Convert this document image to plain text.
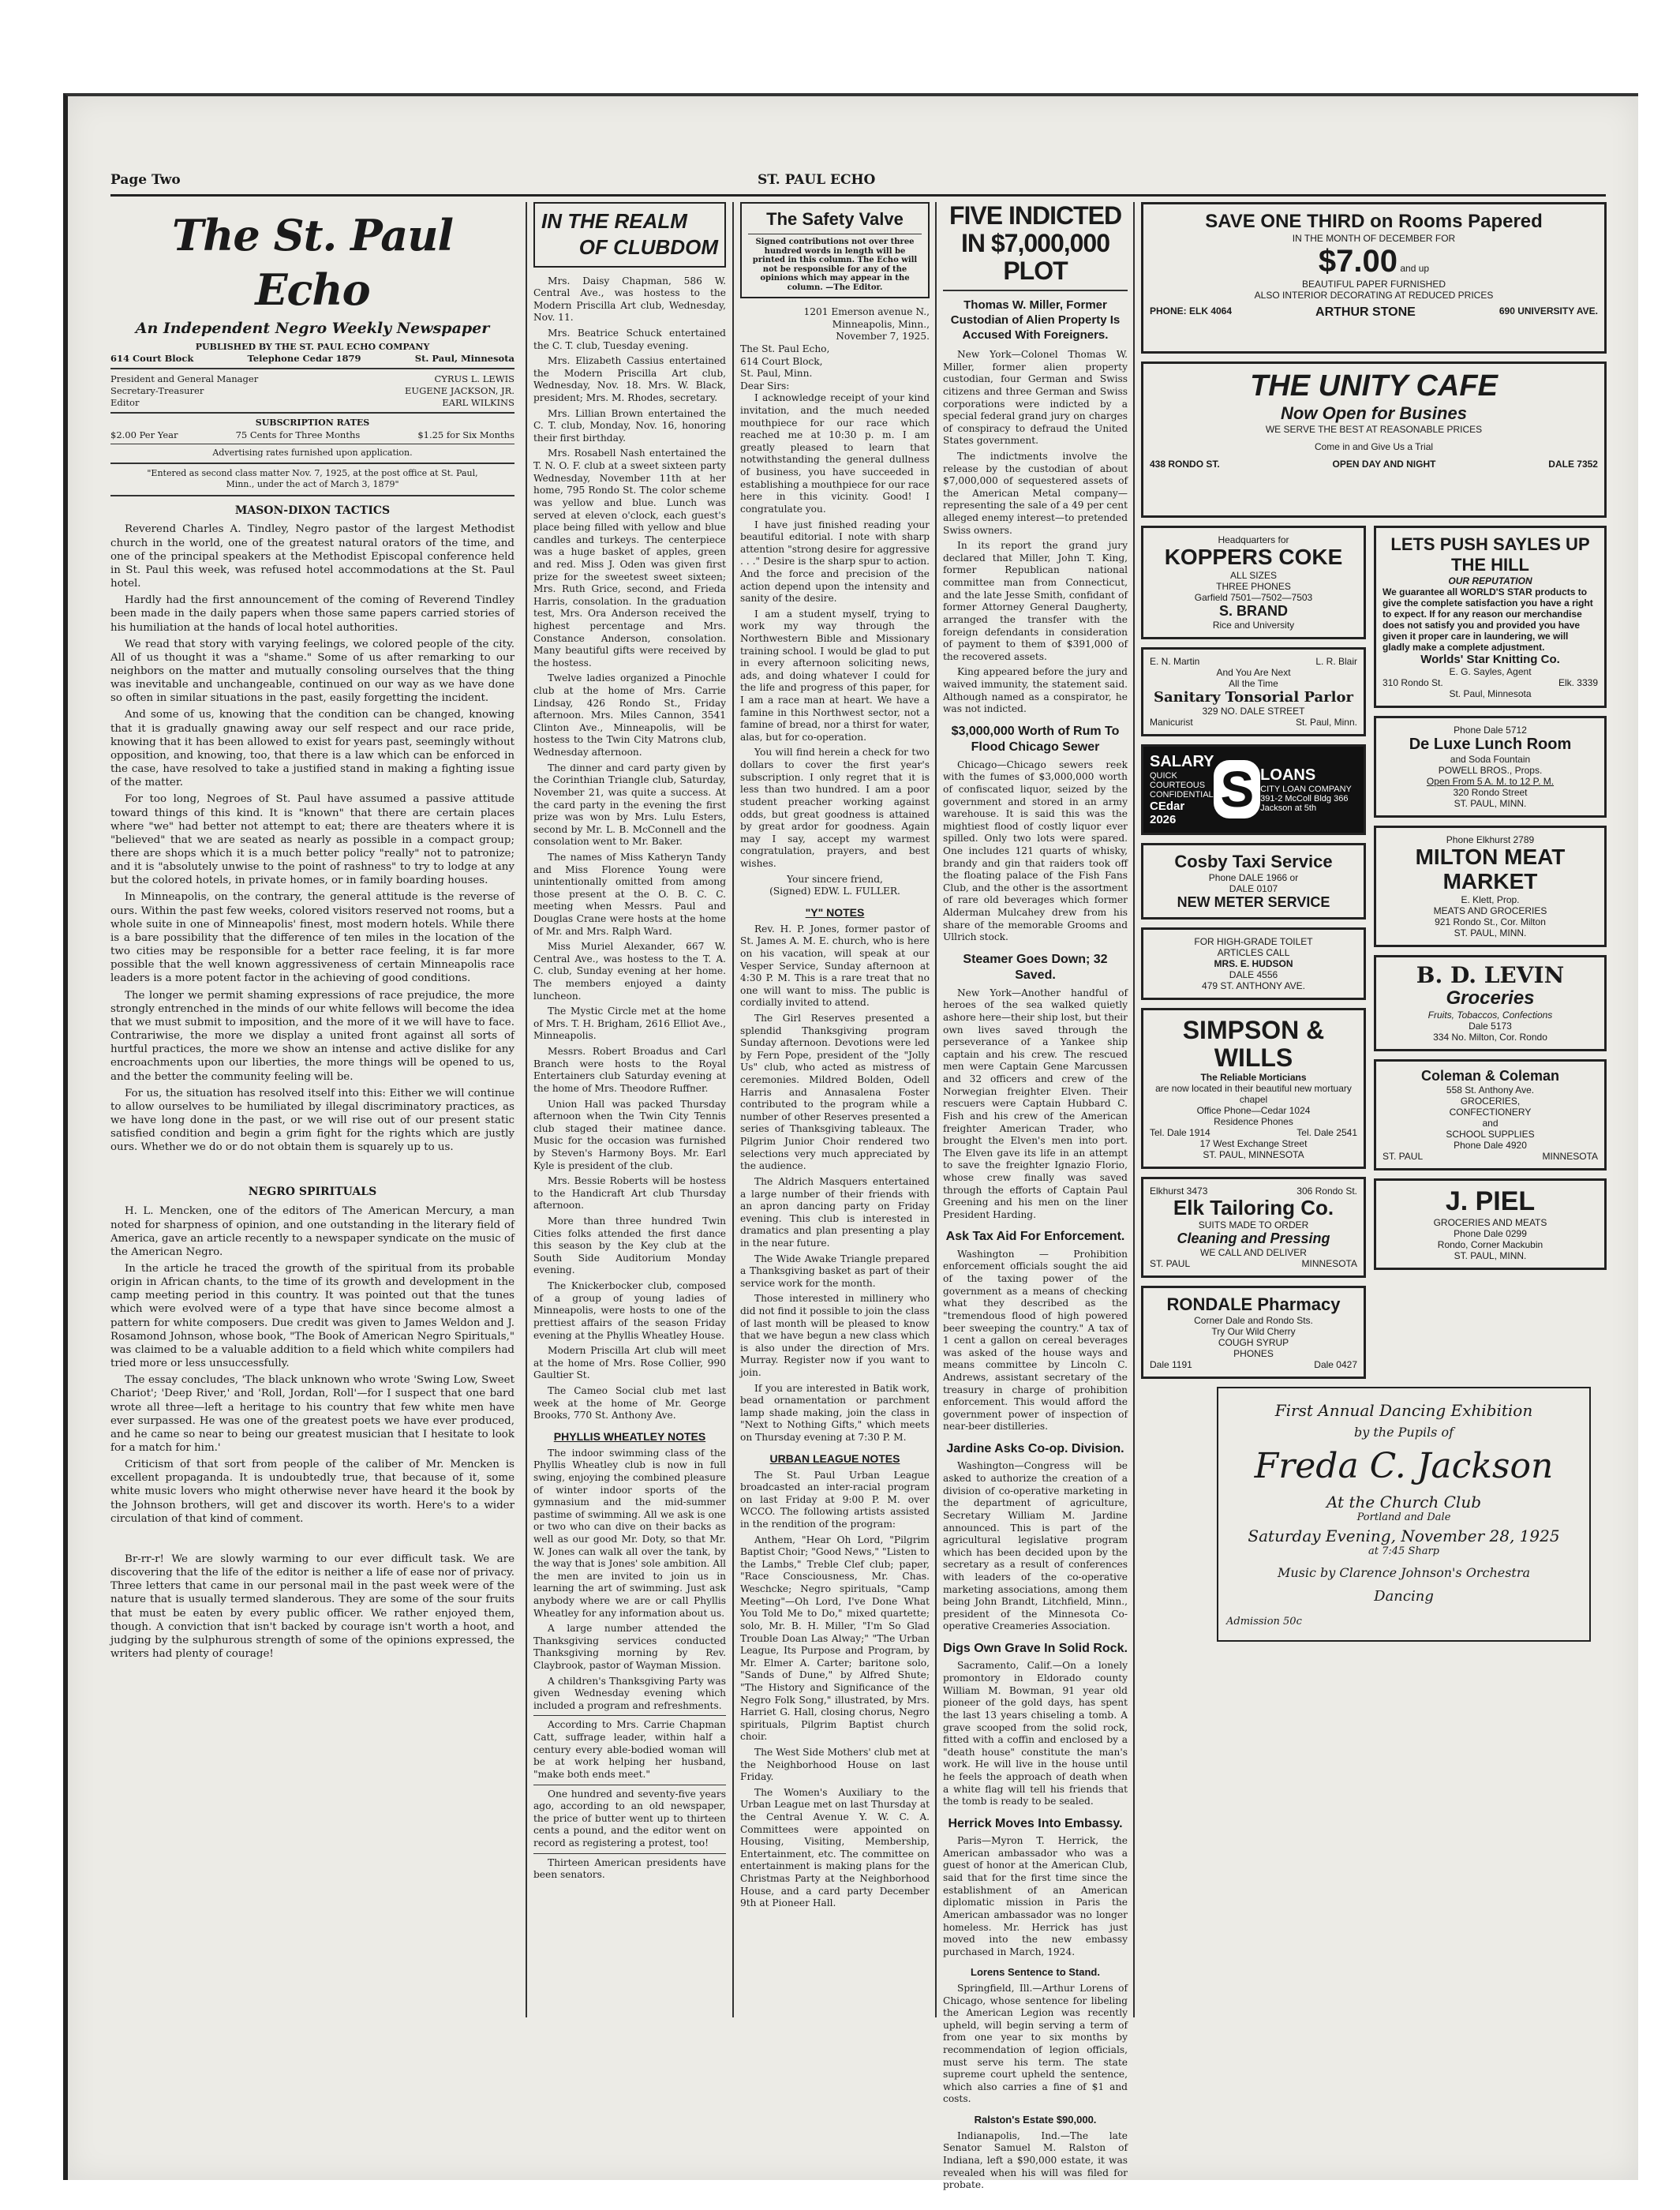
Page Two	ST. PAUL ECHO
The St. Paul Echo
An Independent Negro Weekly Newspaper
PUBLISHED BY THE ST. PAUL ECHO COMPANY
614 Court Block	Telephone Cedar 1879	St. Paul, Minnesota
President and General Manager	CYRUS L. LEWIS
Secretary-Treasurer	EUGENE JACKSON, JR.
Editor	EARL WILKINS
SUBSCRIPTION RATES
$2.00 Per Year	75 Cents for Three Months	$1.25 for Six Months
Advertising rates furnished upon application.
"Entered as second class matter Nov. 7, 1925, at the post office at St. Paul, Minn., under the act of March 3, 1879"
MASON-DIXON TACTICS

Reverend Charles A. Tindley, Negro pastor of the largest Methodist church in the world, one of the greatest natural orators of the time, and one of the principal speakers at the Methodist Episcopal conference held in St. Paul this week, was refused hotel accommodations at the St. Paul hotel.

Hardly had the first announcement of the coming of Reverend Tindley been made in the daily papers when those same papers carried stories of his humiliation at the hands of local hotel authorities.

We read that story with varying feelings, we colored people of the city. All of us thought it was a "shame." Some of us after remarking to our neighbors on the matter and mutually consoling ourselves that the thing was inevitable and unchangeable, continued on our way as we have done so often in similar situations in the past, easily forgetting the incident.

And some of us, knowing that the condition can be changed, knowing that it is gradually gnawing away our self respect and our race pride, knowing that it has been allowed to exist for years past, seemingly without opposition, and knowing, too, that there is a law which can be enforced in the case, have resolved to take a justified stand in making a fighting issue of the matter.

For too long, Negroes of St. Paul have assumed a passive attitude toward things of this kind. It is "known" that there are certain places where "we" had better not attempt to eat; there are theaters where it is "believed" that we are seated as nearly as possible in a compact group; there are shops which it is a much better policy "really" not to patronize; and it is "absolutely unwise to the point of rashness" to try to lodge at any but the colored hotels, in private homes, or in family boarding houses.

In Minneapolis, on the contrary, the general attitude is the reverse of ours. Within the past few weeks, colored visitors reserved not rooms, but a whole suite in one of Minneapolis' finest, most modern hotels. While there is a bare possibility that the difference of ten miles in the location of the two cities may be responsible for a better race feeling, it is far more possible that the well known aggressiveness of certain Minneapolis race leaders is a more potent factor in the achieving of good conditions.

The longer we permit shaming expressions of race prejudice, the more strongly entrenched in the minds of our white fellows will become the idea that we must submit to imposition, and the more of it we will have to face. Contrariwise, the more we display a united front against all sorts of hurtful practices, the more we show an intense and active dislike for any encroachments upon our liberties, the more things will be opened to us, and the better the community feeling will be.

For us, the situation has resolved itself into this: Either we will continue to allow ourselves to be humiliated by illegal discriminatory practices, as we have long done in the past, or we will rise out of our present static satisfied condition and begin a grim fight for the rights which are justly ours. Whether we do or do not obtain them is squarely up to us.

NEGRO SPIRITUALS

H. L. Mencken, one of the editors of The American Mercury, a man noted for sharpness of opinion, and one outstanding in the literary field of America, gave an article recently to a newspaper syndicate on the music of the American Negro.

In the article he traced the growth of the spiritual from its probable origin in African chants, to the time of its growth and development in the camp meeting period in this country. It was pointed out that the tunes which were evolved were of a type that have since become almost a pattern for white composers. Due credit was given to James Weldon and J. Rosamond Johnson, whose book, "The Book of American Negro Spirituals," was claimed to be a valuable addition to a field which white compilers had tried more or less unsuccessfully.

The essay concludes, 'The black unknown who wrote 'Swing Low, Sweet Chariot'; 'Deep River,' and 'Roll, Jordan, Roll'—for I suspect that one bard wrote all three—left a heritage to his country that few white men have ever surpassed. He was one of the greatest poets we have ever produced, and he came so near to being our greatest musician that I hesitate to look for a match for him.'

Criticism of that sort from people of the caliber of Mr. Mencken is excellent propaganda. It is undoubtedly true, that because of it, some white music lovers who might otherwise never have heard it the book by the Johnson brothers, will get and discover its worth. Here's to a wider circulation of that kind of comment.

Br-rr-r! We are slowly warming to our ever difficult task. We are discovering that the life of the editor is neither a life of ease nor of privacy. Three letters that came in our personal mail in the past week were of the nature that is usually termed slanderous. They are some of the sour fruits that must be eaten by every public officer. We rather enjoyed them, though. A conviction that isn't backed by courage isn't worth a hoot, and judging by the sulphurous strength of some of the opinions expressed, the writers had plenty of courage!

IN THE REALM
OF CLUBDOM

Mrs. Daisy Chapman, 586 W. Central Ave., was hostess to the Modern Priscilla Art club, Wednesday, Nov. 11.

Mrs. Beatrice Schuck entertained the C. T. club, Tuesday evening.

Mrs. Elizabeth Cassius entertained the Modern Priscilla Art club, Wednesday, Nov. 18. Mrs. W. Black, president; Mrs. M. Rhodes, secretary.

Mrs. Lillian Brown entertained the C. T. club, Monday, Nov. 16, honoring their first birthday.

Mrs. Rosabell Nash entertained the T. N. O. F. club at a sweet sixteen party Wednesday, November 11th at her home, 795 Rondo St. The color scheme was yellow and blue. Lunch was served at eleven o'clock, each guest's place being filled with yellow and blue candles and turkeys. The centerpiece was a huge basket of apples, green and red. Miss J. Oden was given first prize for the sweetest sweet sixteen; Mrs. Ruth Grice, second, and Frieda Harris, consolation. In the graduation test, Mrs. Ora Anderson received the highest percentage and Mrs. Constance Anderson, consolation. Many beautiful gifts were received by the hostess.

Twelve ladies organized a Pinochle club at the home of Mrs. Carrie Lindsay, 426 Rondo St., Friday afternoon. Mrs. Miles Cannon, 3541 Clinton Ave., Minneapolis, will be hostess to the Twin City Matrons club, Wednesday afternoon.

The dinner and card party given by the Corinthian Triangle club, Saturday, November 21, was quite a success. At the card party in the evening the first prize was won by Mrs. Lulu Esters, second by Mr. L. B. McConnell and the consolation went to Mr. Baker.

The names of Miss Katheryn Tandy and Miss Florence Young were unintentionally omitted from among those present at the O. B. C. C. meeting when Messrs. Paul and Douglas Crane were hosts at the home of Mr. and Mrs. Ralph Ward.

Miss Muriel Alexander, 667 W. Central Ave., was hostess to the T. A. C. club, Sunday evening at her home. The members enjoyed a dainty luncheon.

The Mystic Circle met at the home of Mrs. T. H. Brigham, 2616 Elliot Ave., Minneapolis.

Messrs. Robert Broadus and Carl Branch were hosts to the Royal Entertainers club Saturday evening at the home of Mrs. Theodore Ruffner.

Union Hall was packed Thursday afternoon when the Twin City Tennis club staged their matinee dance. Music for the occasion was furnished by Steven's Harmony Boys. Mr. Earl Kyle is president of the club.

Mrs. Bessie Roberts will be hostess to the Handicraft Art club Thursday afternoon.

More than three hundred Twin Cities folks attended the first dance this season by the Key club at the South Side Auditorium Monday evening.

The Knickerbocker club, composed of a group of young ladies of Minneapolis, were hosts to one of the prettiest affairs of the season Friday evening at the Phyllis Wheatley House.

Modern Priscilla Art club will meet at the home of Mrs. Rose Collier, 990 Gaultier St.

The Cameo Social club met last week at the home of Mr. George Brooks, 770 St. Anthony Ave.

PHYLLIS WHEATLEY NOTES

The indoor swimming class of the Phyllis Wheatley club is now in full swing, enjoying the combined pleasure of winter indoor sports of the gymnasium and the mid-summer pastime of swimming. All we ask is one or two who can dive on their backs as well as our good Mr. Doty, so that Mr. W. Jones can walk all over the tank, by the way that is Jones' sole ambition. All the men are invited to join us in learning the art of swimming. Just ask anybody where we are or call Phyllis Wheatley for any information about us.

A large number attended the Thanksgiving services conducted Thanksgiving morning by Rev. Claybrook, pastor of Wayman Mission.

A children's Thanksgiving Party was given Wednesday evening which included a program and refreshments.

According to Mrs. Carrie Chapman Catt, suffrage leader, within half a century every able-bodied woman will be at work helping her husband, "make both ends meet."

One hundred and seventy-five years ago, according to an old newspaper, the price of butter went up to thirteen cents a pound, and the editor went on record as registering a protest, too!

Thirteen American presidents have been senators.

The Safety Valve
Signed contributions not over three hundred words in length will be printed in this column. The Echo will not be responsible for any of the opinions which may appear in the column. —The Editor.
1201 Emerson avenue N.,
Minneapolis, Minn.,
November 7, 1925.
The St. Paul Echo,
614 Court Block,
St. Paul, Minn.
Dear Sirs:

I acknowledge receipt of your kind invitation, and the much needed mouthpiece for our race which reached me at 10:30 p. m. I am greatly pleased to learn that notwithstanding the general dullness of business, you have succeeded in establishing a mouthpiece for our race here in this vicinity. Good! I congratulate you.

I have just finished reading your beautiful editorial. I note with sharp attention "strong desire for aggressive . . ." Desire is the sharp spur to action. And the force and precision of the action depend upon the intensity and sanity of the desire.

I am a student myself, trying to work my way through the Northwestern Bible and Missionary training school. I would be glad to put in every afternoon soliciting news, ads, and doing whatever I could for the life and progress of this paper, for I am a race man at heart. We have a famine in this Northwest sector, not a famine of bread, nor a thirst for water, alas, but for co-operation.

You will find herein a check for two dollars to cover the first year's subscription. I only regret that it is less than two hundred. I am a poor student preacher working against odds, but great goodness is attained by great ardor for goodness. Again may I say, accept my warmest congratulation, prayers, and best wishes.

Your sincere friend,
(Signed) EDW. L. FULLER.
"Y" NOTES

Rev. H. P. Jones, former pastor of St. James A. M. E. church, who is here on his vacation, will speak at our Vesper Service, Sunday afternoon at 4:30 P. M. This is a rare treat that no one will want to miss. The public is cordially invited to attend.

The Girl Reserves presented a splendid Thanksgiving program Sunday afternoon. Devotions were led by Fern Pope, president of the "Jolly Us" club, who acted as mistress of ceremonies. Mildred Bolden, Odell Harris and Annasalena Foster contributed to the program while a number of other Reserves presented a series of Thanksgiving tableaux. The Pilgrim Junior Choir rendered two selections very much appreciated by the audience.

The Aldrich Masquers entertained a large number of their friends with an apron dancing party on Friday evening. This club is interested in dramatics and plan presenting a play in the near future.

The Wide Awake Triangle prepared a Thanksgiving basket as part of their service work for the month.

Those interested in millinery who did not find it possible to join the class of last month will be pleased to know that we have begun a new class which is also under the direction of Mrs. Murray. Register now if you want to join.

If you are interested in Batik work, bead ornamentation or parchment lamp shade making, join the class in "Next to Nothing Gifts," which meets on Thursday evening at 7:30 P. M.

URBAN LEAGUE NOTES

The St. Paul Urban League broadcasted an inter-racial program on last Friday at 9:00 P. M. over WCCO. The following artists assisted in the rendition of the program:

Anthem, "Hear Oh Lord, "Pilgrim Baptist Choir; "Good News," "Listen to the Lambs," Treble Clef club; paper, "Race Consciousness, Mr. Chas. Weschcke; Negro spirituals, "Camp Meeting"—Oh Lord, I've Done What You Told Me to Do," mixed quartette; solo, Mr. B. H. Miller, "I'm So Glad Trouble Doan Las Alway;" "The Urban League, Its Purpose and Program, by Mr. Elmer A. Carter; baritone solo, "Sands of Dune," by Alfred Shute; "The History and Significance of the Negro Folk Song," illustrated, by Mrs. Harriet G. Hall, closing chorus, Negro spirituals, Pilgrim Baptist church choir.

The West Side Mothers' club met at the Neighborhood House on last Friday.

The Women's Auxiliary to the Urban League met on last Thursday at the Central Avenue Y. W. C. A. Committees were appointed on Housing, Visiting, Membership, Entertainment, etc. The committee on entertainment is making plans for the Christmas Party at the Neighborhood House, and a card party December 9th at Pioneer Hall.

FIVE INDICTED IN $7,000,000 PLOT
Thomas W. Miller, Former Custodian of Alien Property Is Accused With Foreigners.

New York—Colonel Thomas W. Miller, former alien property custodian, four German and Swiss citizens and three German and Swiss corporations were indicted by a special federal grand jury on charges of conspiracy to defraud the United States government.

The indictments involve the release by the custodian of about $7,000,000 of sequestered assets of the American Metal company—representing the sale of a 49 per cent alleged enemy interest—to pretended Swiss owners.

In its report the grand jury declared that Miller, John T. King, former Republican national committee man from Connecticut, and the late Jesse Smith, confidant of former Attorney General Daugherty, arranged the transfer with the foreign defendants in consideration of payment to them of $391,000 of the recovered assets.

King appeared before the jury and waived immunity, the statement said. Although named as a conspirator, he was not indicted.

$3,000,000 Worth of Rum To Flood Chicago Sewer

Chicago—Chicago sewers reek with the fumes of $3,000,000 worth of confiscated liquor, seized by the government and stored in an army warehouse. It is said this was the mightiest flood of costly liquor ever spilled. Only two lots were spared. One includes 121 quarts of whisky, brandy and gin that raiders took off the floating palace of the Fish Fans Club, and the other is the assortment of rare old beverages which former Alderman Mulcahey drew from his share of the memorable Grooms and Ullrich stock.

Steamer Goes Down; 32 Saved.

New York—Another handful of heroes of the sea walked quietly ashore here—their ship lost, but their own lives saved through the perseverance of a Yankee ship captain and his crew. The rescued men were Captain Gene Marcussen and 32 officers and crew of the Norwegian freighter Elven. Their rescuers were Captain Hubbard C. Fish and his crew of the American freighter American Trader, who brought the Elven's men into port. The Elven gave its life in an attempt to save the freighter Ignazio Florio, whose crew finally was saved through the efforts of Captain Paul Greening and his men on the liner President Harding.

Ask Tax Aid For Enforcement.

Washington — Prohibition enforcement officials sought the aid of the taxing power of the government as a means of checking what they described as the "tremendous flood of high powered beer sweeping the country." A tax of 1 cent a gallon on cereal beverages was asked of the house ways and means committee by Lincoln C. Andrews, assistant secretary of the treasury in charge of prohibition enforcement. This would afford the government power of inspection of near-beer distilleries.

Jardine Asks Co-op. Division.

Washington—Congress will be asked to authorize the creation of a division of co-operative marketing in the department of agriculture, Secretary William M. Jardine announced. This is part of the agricultural legislative program which has been decided upon by the secretary as a result of conferences with leaders of the co-operative marketing associations, among them being John Brandt, Litchfield, Minn., president of the Minnesota Co-operative Creameries Association.

Digs Own Grave In Solid Rock.

Sacramento, Calif.—On a lonely promontory in Eldorado county William M. Bowman, 91 year old pioneer of the gold days, has spent the last 13 years chiseling a tomb. A grave scooped from the solid rock, fitted with a coffin and enclosed by a "death house" constitute the man's work. He will live in the house until he feels the approach of death when a white flag will tell his friends that the tomb is ready to be sealed.

Herrick Moves Into Embassy.

Paris—Myron T. Herrick, the American ambassador who was a guest of honor at the American Club, said that for the first time since the establishment of an American diplomatic mission in Paris the American ambassador was no longer homeless. Mr. Herrick has just moved into the new embassy purchased in March, 1924.

Lorens Sentence to Stand.

Springfield, Ill.—Arthur Lorens of Chicago, whose sentence for libeling the American Legion was recently upheld, will begin serving a term of from one year to six months by recommendation of legion officials, must serve his term. The state supreme court upheld the sentence, which also carries a fine of $1 and costs.

Ralston's Estate $90,000.

Indianapolis, Ind.—The late Senator Samuel M. Ralston of Indiana, left a $90,000 estate, it was revealed when his will was filed for probate.

SAVE ONE THIRD on Rooms Papered
IN THE MONTH OF DECEMBER FOR
$7.00 and up
BEAUTIFUL PAPER FURNISHED
ALSO INTERIOR DECORATING AT REDUCED PRICES
PHONE: ELK 4064	ARTHUR STONE	690 UNIVERSITY AVE.
THE UNITY CAFE
Now Open for Busines
WE SERVE THE BEST AT REASONABLE PRICES
Come in and Give Us a Trial
438 RONDO ST.	OPEN DAY AND NIGHT	DALE 7352
Headquarters for
KOPPERS COKE
ALL SIZES
THREE PHONES
Garfield 7501—7502—7503
S. BRAND
Rice and University
E. N. Martin	L. R. Blair
And You Are Next
All the Time
Sanitary Tonsorial Parlor
329 NO. DALE STREET
Manicurist	St. Paul, Minn.
SALARY
QUICK
COURTEOUS
CONFIDENTIAL
CEdar 2026
S LOANS
CITY LOAN COMPANY
391-2 McColl Bldg 366 Jackson at 5th
Cosby Taxi Service
Phone DALE 1966 or
DALE 0107
NEW METER SERVICE
FOR HIGH-GRADE TOILET
ARTICLES CALL
MRS. E. HUDSON
DALE 4556
479 ST. ANTHONY AVE.
SIMPSON & WILLS
The Reliable Morticians
are now located in their beautiful new mortuary chapel
Office Phone—Cedar 1024
Residence Phones
Tel. Dale 1914	Tel. Dale 2541
17 West Exchange Street
ST. PAUL, MINNESOTA
Elkhurst 3473	306 Rondo St.
Elk Tailoring Co.
SUITS MADE TO ORDER
Cleaning and Pressing
WE CALL AND DELIVER
ST. PAUL	MINNESOTA
RONDALE Pharmacy
Corner Dale and Rondo Sts.
Try Our Wild Cherry
COUGH SYRUP
PHONES
Dale 1191	Dale 0427
LETS PUSH SAYLES UP THE HILL
OUR REPUTATION
We guarantee all WORLD'S STAR products to give the complete satisfaction you have a right to expect. If for any reason our merchandise does not satisfy you and provided you have given it proper care in laundering, we will gladly make a complete adjustment.
Worlds' Star Knitting Co.
E. G. Sayles, Agent
310 Rondo St.	Elk. 3339
St. Paul, Minnesota
Phone Dale 5712
De Luxe Lunch Room
and Soda Fountain
POWELL BROS., Props.
Open From 5 A. M. to 12 P. M.
320 Rondo Street
ST. PAUL, MINN.
Phone Elkhurst 2789
MILTON MEAT MARKET
E. Klett, Prop.
MEATS AND GROCERIES
921 Rondo St., Cor. Milton
ST. PAUL, MINN.
B. D. LEVIN
Groceries
Fruits, Tobaccos, Confections
Dale 5173
334 No. Milton, Cor. Rondo
Coleman & Coleman
558 St. Anthony Ave.
GROCERIES,
CONFECTIONERY
and
SCHOOL SUPPLIES
Phone Dale 4920
ST. PAUL	MINNESOTA
J. PIEL
GROCERIES AND MEATS
Phone Dale 0299
Rondo, Corner Mackubin
ST. PAUL, MINN.
First Annual Dancing Exhibition
by the Pupils of
Freda C. Jackson
At the Church Club
Portland and Dale
Saturday Evening, November 28, 1925
at 7:45 Sharp
Music by Clarence Johnson's Orchestra
Dancing
Admission 50c
